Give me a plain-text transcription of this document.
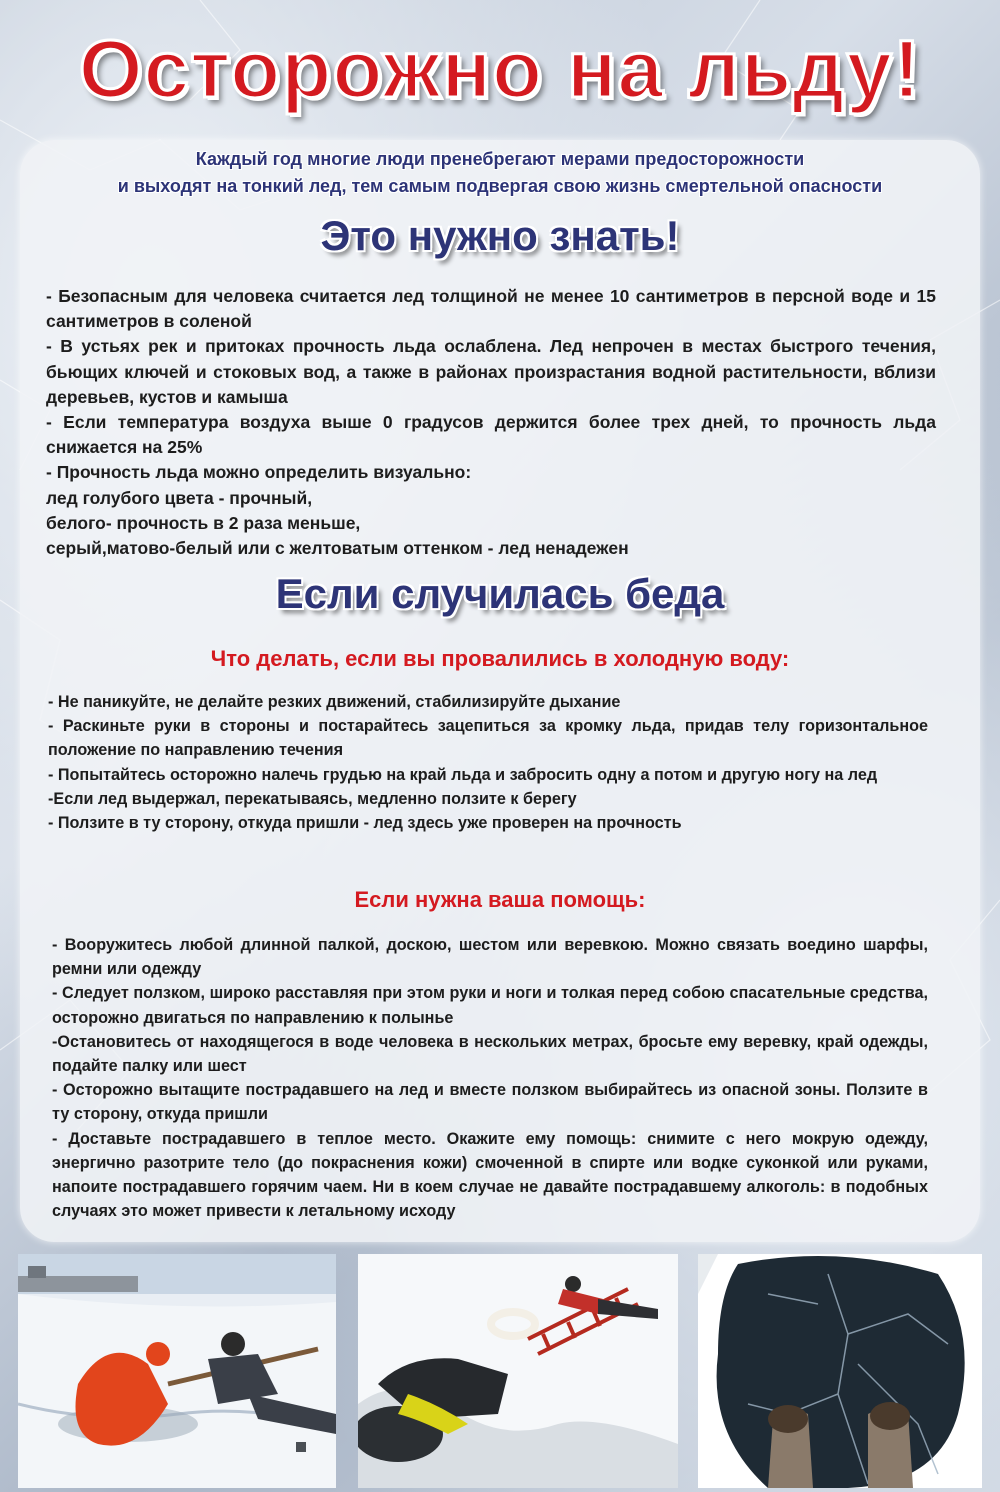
Осторожно на льду!
Каждый год многие люди пренебрегают мерами предосторожности
и выходят на тонкий лед, тем самым подвергая свою жизнь смертельной опасности
Это нужно знать!

- Безопасным для человека считается лед толщиной не менее 10 сантиметров в персной воде и 15 сантиметров в соленой

- В устьях рек и притоках прочность льда ослаблена. Лед непрочен в местах быстрого течения, бьющих ключей и стоковых вод, а также в районах произрастания водной растительности, вблизи деревьев, кустов и камыша

- Если температура воздуха выше 0 градусов держится более трех дней, то прочность льда снижается на 25%

- Прочность льда можно определить визуально:

лед голубого цвета - прочный,

белого- прочность в 2 раза меньше,

серый,матово-белый или с желтоватым оттенком - лед ненадежен

Если случилась беда
Что делать, если вы провалились в холодную воду:

- Не паникуйте, не делайте резких движений, стабилизируйте дыхание

- Раскиньте руки в стороны и постарайтесь зацепиться за кромку льда, придав телу горизонтальное положение по направлению течения

- Попытайтесь осторожно налечь грудью на край льда и забросить одну а потом и другую ногу на лед

-Если лед выдержал, перекатываясь, медленно ползите к берегу

- Ползите в ту сторону, откуда пришли - лед здесь уже проверен на прочность

Если нужна ваша помощь:

- Вооружитесь любой длинной палкой, доскою, шестом или веревкою. Можно связать воедино шарфы, ремни или одежду

- Следует ползком, широко расставляя при этом руки и ноги и толкая перед собою спасательные средства, осторожно двигаться по направлению к полынье

-Остановитесь от находящегося в воде человека в нескольких метрах, бросьте ему веревку, край одежды, подайте палку или шест

- Осторожно вытащите пострадавшего на лед и вместе ползком выбирайтесь из опасной зоны. Ползите в ту сторону, откуда пришли

- Доставьте пострадавшего в теплое место. Окажите ему помощь: снимите с него мокрую одежду, энергично разотрите тело (до покраснения кожи) смоченной в спирте или водке суконкой или руками, напоите пострадавшего горячим чаем. Ни в коем случае не давайте пострадавшему алкоголь: в подобных случаях это может привести к летальному исходу
